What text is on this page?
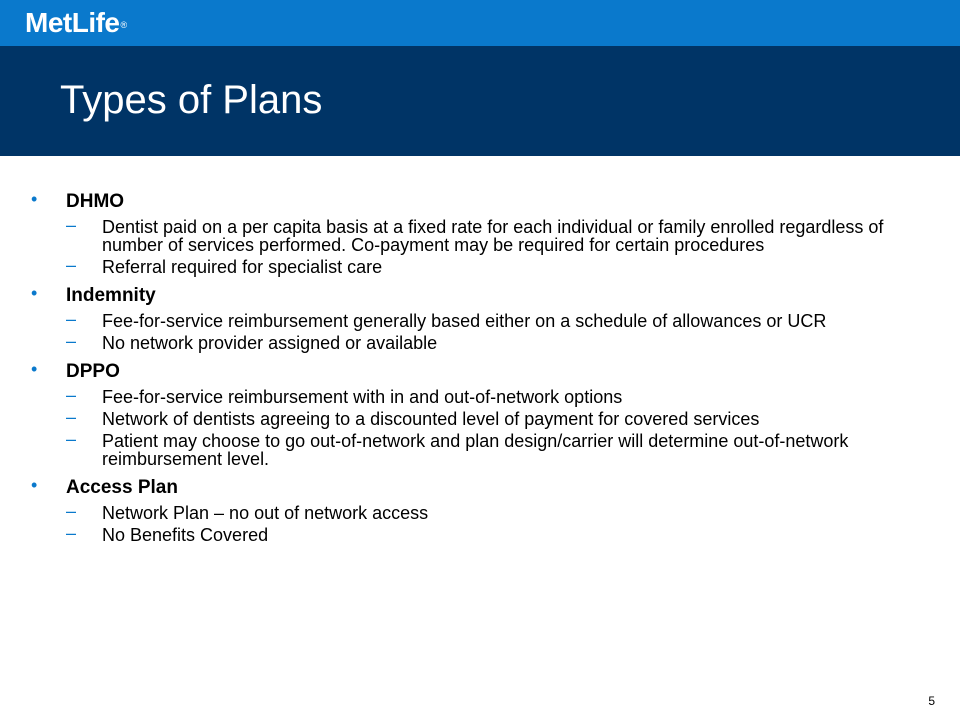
MetLife®
Types of Plans
• DHMO
– Dentist paid on a per capita basis at a fixed rate for each individual or family enrolled regardless of number of services performed. Co-payment may be required for certain procedures
– Referral required for specialist care
• Indemnity
– Fee-for-service reimbursement generally based either on a schedule of allowances or UCR
– No network provider assigned or available
• DPPO
– Fee-for-service reimbursement with in and out-of-network options
– Network of dentists agreeing to a discounted level of payment for covered services
– Patient may choose to go out-of-network and plan design/carrier will determine out-of-network reimbursement level.
• Access Plan
– Network Plan – no out of network access
– No Benefits Covered
5
